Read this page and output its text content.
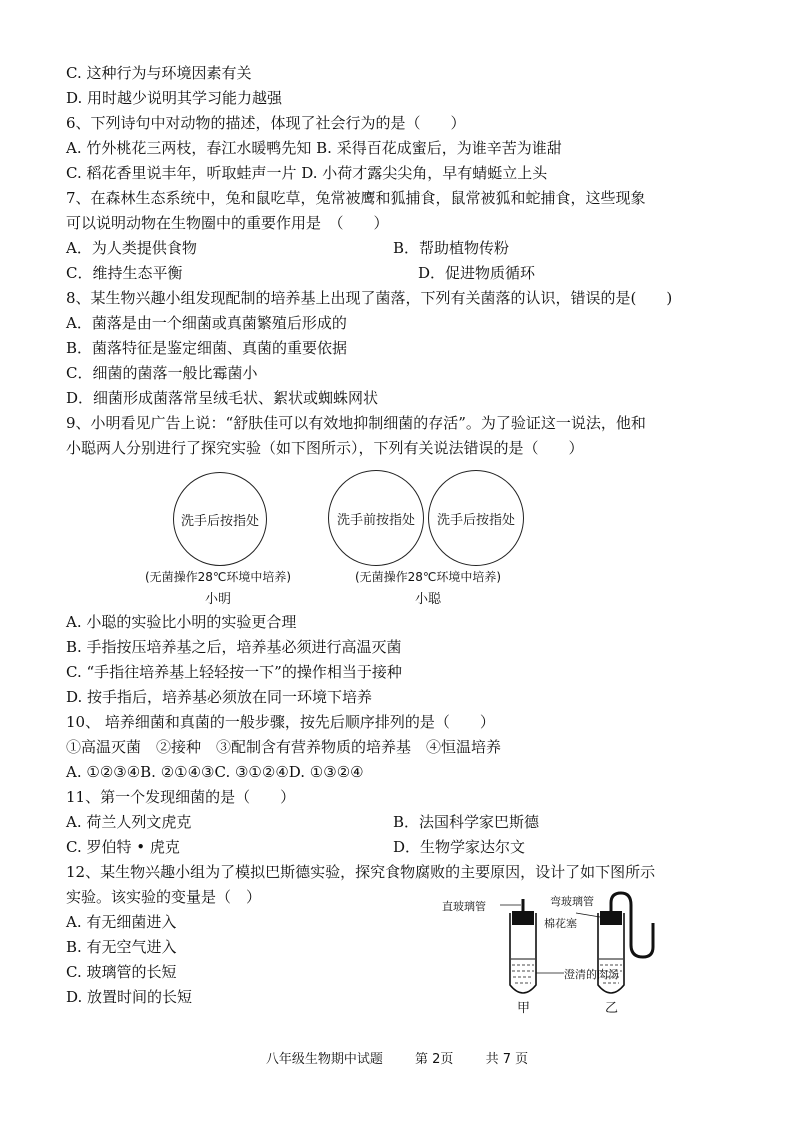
C. 这种行为与环境因素有关
D. 用时越少说明其学习能力越强
6、下列诗句中对动物的描述，体现了社会行为的是（　　）
A. 竹外桃花三两枝，春江水暖鸭先知 B. 采得百花成蜜后，为谁辛苦为谁甜
C. 稻花香里说丰年，听取蛙声一片 D. 小荷才露尖尖角，早有蜻蜓立上头
7、在森林生态系统中，兔和鼠吃草，兔常被鹰和狐捕食，鼠常被狐和蛇捕食，这些现象
可以说明动物在生物圈中的重要作用是　（　　）
A．为人类提供食物	B．帮助植物传粉
C．维持生态平衡	D．促进物质循环
8、某生物兴趣小组发现配制的培养基上出现了菌落，下列有关菌落的认识，错误的是(　　)
A．菌落是由一个细菌或真菌繁殖后形成的
B．菌落特征是鉴定细菌、真菌的重要依据
C．细菌的菌落一般比霉菌小
D．细菌形成菌落常呈绒毛状、絮状或蜘蛛网状
9、小明看见广告上说：“舒肤佳可以有效地抑制细菌的存活”。为了验证这一说法，他和
小聪两人分别进行了探究实验（如下图所示），下列有关说法错误的是（　　）
洗手后按指处
(无菌操作28℃环境中培养)
小明
洗手前按指处 洗手后按指处
(无菌操作28℃环境中培养)
小聪
A. 小聪的实验比小明的实验更合理
B. 手指按压培养基之后，培养基必须进行高温灭菌
C. “手指往培养基上轻轻按一下”的操作相当于接种
D. 按手指后，培养基必须放在同一环境下培养
10、 培养细菌和真菌的一般步骤，按先后顺序排列的是（　　）
①高温灭菌　②接种　③配制含有营养物质的培养基　④恒温培养
A. ①②③④B. ②①④③C. ③①②④D. ①③②④
11、第一个发现细菌的是（　　）
A. 荷兰人列文虎克	B．法国科学家巴斯德
C. 罗伯特 • 虎克	D．生物学家达尔文
12、某生物兴趣小组为了模拟巴斯德实验，探究食物腐败的主要原因，设计了如下图所示
实验。该实验的变量是（　）
A. 有无细菌进入
B. 有无空气进入
C. 玻璃管的长短
D. 放置时间的长短
直玻璃管	弯玻璃管
棉花塞
澄清的肉汤
甲	乙
八年级生物期中试题 第 2页 共 7 页
